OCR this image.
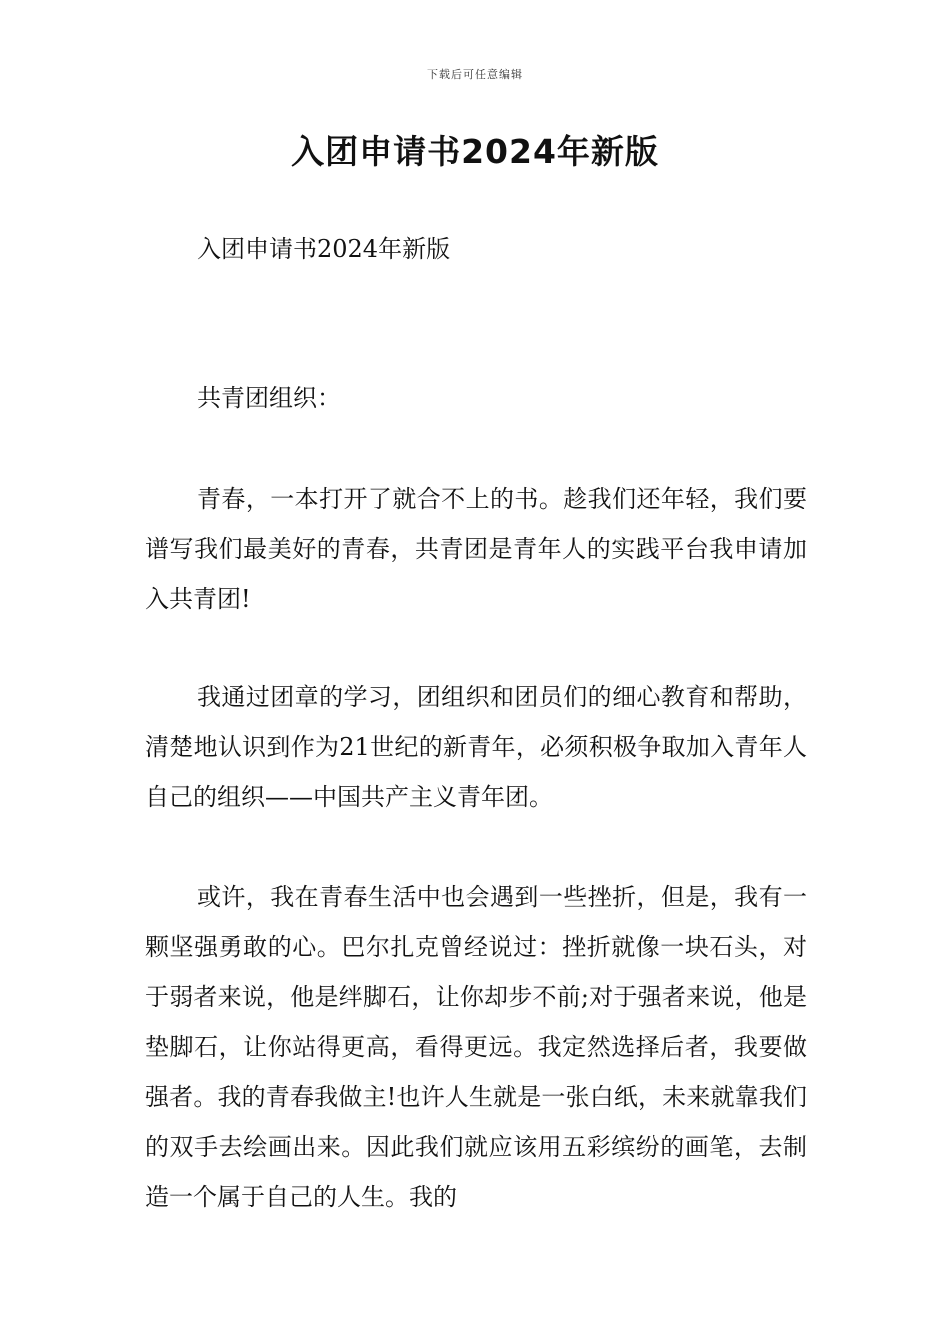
下载后可任意编辑
入团申请书2024年新版
入团申请书2024年新版
共青团组织：

青春，一本打开了就合不上的书。趁我们还年轻，我们要谱写我们最美好的青春，共青团是青年人的实践平台我申请加入共青团!

我通过团章的学习，团组织和团员们的细心教育和帮助，清楚地认识到作为21世纪的新青年，必须积极争取加入青年人自己的组织——中国共产主义青年团。

或许，我在青春生活中也会遇到一些挫折，但是，我有一颗坚强勇敢的心。巴尔扎克曾经说过：挫折就像一块石头，对于弱者来说，他是绊脚石，让你却步不前;对于强者来说，他是垫脚石，让你站得更高，看得更远。我定然选择后者，我要做强者。我的青春我做主!也许人生就是一张白纸，未来就靠我们的双手去绘画出来。因此我们就应该用五彩缤纷的画笔，去制造一个属于自己的人生。我的
